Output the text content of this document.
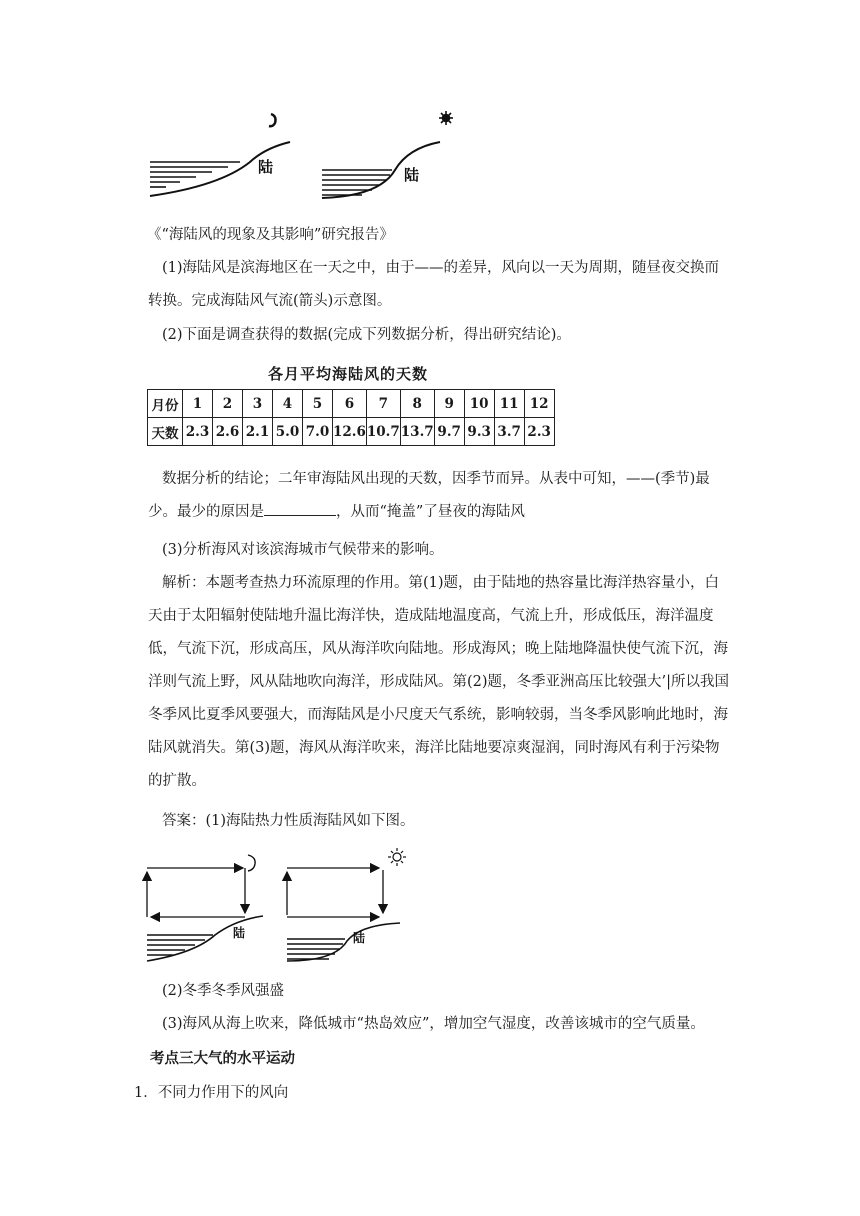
陆	陆
《“海陆风的现象及其影响”研究报告》
(1)海陆风是滨海地区在一天之中，由于——的差异，风向以一天为周期，随昼夜交换而转换。完成海陆风气流(箭头)示意图。
(2)下面是调查获得的数据(完成下列数据分析，得出研究结论)。
各月平均海陆风的天数
月份	1	2	3	4	5	6	7	8	9	10	11	12
天数	2.3	2.6	2.1	5.0	7.0	12.6	10.7	13.7	9.7	9.3	3.7	2.3
数据分析的结论；二年审海陆风出现的天数，因季节而异。从表中可知，——(季节)最少。最少的原因是	，从而“掩盖”了昼夜的海陆风
(3)分析海风对该滨海城市气候带来的影响。
解析：本题考查热力环流原理的作用。第(1)题，由于陆地的热容量比海洋热容量小，白天由于太阳辐射使陆地升温比海洋快，造成陆地温度高，气流上升，形成低压，海洋温度低，气流下沉，形成高压，风从海洋吹向陆地。形成海风；晚上陆地降温快使气流下沉，海洋则气流上野，风从陆地吹向海洋，形成陆风。第(2)题，冬季亚洲高压比较强大’|所以我国冬季风比夏季风要强大，而海陆风是小尺度天气系统，影响较弱，当冬季风影响此地时，海陆风就消失。第(3)题，海风从海洋吹来，海洋比陆地要凉爽湿润，同时海风有利于污染物的扩散。
答案：(1)海陆热力性质海陆风如下图。
陆	陆
(2)冬季冬季风强盛
(3)海风从海上吹来，降低城市“热岛效应”，增加空气湿度，改善该城市的空气质量。
考点三大气的水平运动
1．不同力作用下的风向
